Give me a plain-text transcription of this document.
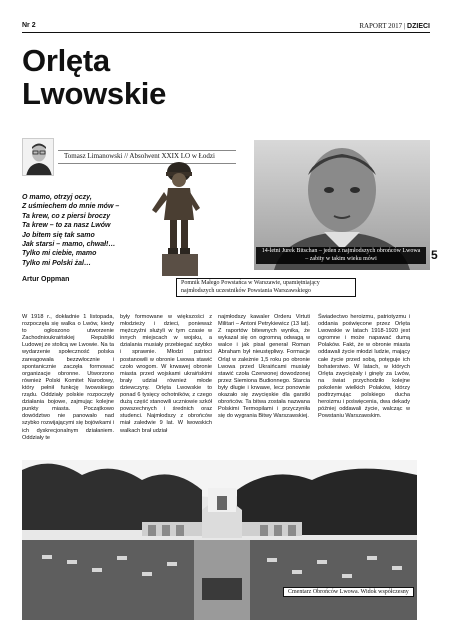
Nr 2	RAPORT 2017 | DZIECI
Orlęta
Lwowskie
Tomasz Limanowski // Absolwent XXIX LO w Łodzi
O mamo, otrzyj oczy,
Z uśmiechem do mnie mów –
Ta krew, co z piersi broczy
Ta krew – to za nasz Lwów
Jo bitem się tak samo
Jak starsi – mamo, chwał!…
Tylko mi ciebie, mamo
Tylko mi Polski żal…
Artur Oppman
14-letni Jurek Bitschan – jeden z najmłodszych obrońców Lwowa – zabity w takim wieku mówi
Pomnik Małego Powstańca w Warszawie, upamiętniający najmłodszych uczestników Powstania Warszawskiego
5
W 1918 r., dokładnie 1 listopada, rozpoczęła się walka o Lwów, kiedy to ogłoszono utworzenie Zachodnioukraińskiej Republiki Ludowej ze stolicą we Lwowie. Na ta wydarzenie społeczność polska zareagowała bezzwłocznie i spontanicznie zaczęła formować organizacje obronne. Utworzono również Polski Komitet Narodowy, który pełnił funkcję lwowskiego rządu. Oddziały polskie rozpoczęły działania bojowe, zajmując kolejne punkty miasta. Początkowo dowództwo nie panowało nad szybko rozwijającymi się bojówkami i ich dyskrecjonalnym działaniem. Oddziały te
były formowane w większości z młodzieży i dzieci, ponieważ mężczyźni służyli w tym czasie w innych miejscach w wojsku, a dzialania musiały przebiegać szybko i sprawnie. Młodzi patrioci postanowili w obronie Lwowa stawić czoło wrogom. W krwawej obronie miasta przed wojskami ukraińskimi brały udział również młode dziewczyny. Orlęta Lwowskie to ponad 6 tysięcy ochotników, z czego dużą część stanowili uczniowie szkół powszechnych i średnich oraz studenci. Najmłodszy z obrońców miał zaledwie 9 lat. W lwowskich walkach brał udział
najmłodszy kawaler Orderu Virtuti Militari – Antoni Petrykiewicz (13 lat). Z raportów bitewnych wynika, że wykazał się on ogromną odwagą w walce i jak pisał generał Roman Abraham był nieustępliwy. Formacje Orląt w zależnie 1,5 roku po obronie Lwowa przed Ukraińcami musiały stawić czoła Czerwonej dowodzonej przez Siemiona Budionnego. Starcia były długie i krwawe, lecz ponownie okazało się zwycięskie dla garstki obrońców. Ta bitwa została nazwana Polskimi Termopilami i przyczyniła się do wygrania Bitwy Warszawskiej.
Świadectwo heroizmu, patriotyzmu i oddania poświęcone przez Orlęta Lwowskie w latach 1918-1920 jest ogromne i może napawać dumą Polaków. Fakt, że w obronie miasta oddawali życie młodzi ludzie, mający całe życie przed sobą, potęguje ich bohaterstwo. W latach, w których Orlęta zwyciężały i ginęły za Lwów, na świat przychodziło kolejne pokolenie wielkich Polaków, którzy podtrzymując polskiego ducha heroizmu i poświęcenia, dwa dekady później oddawali życie, walcząc w Powstaniu Warszawskim.
Cmentarz Obrońców Lwowa. Widok współczesny
